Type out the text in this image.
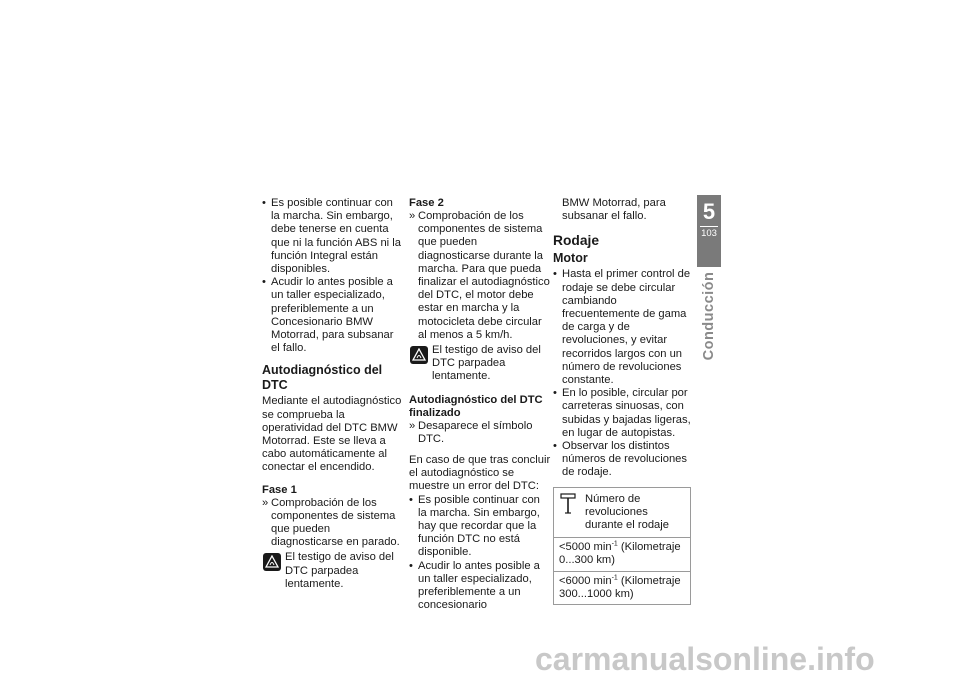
• Es posible continuar con la marcha. Sin embargo, debe tenerse en cuenta que ni la función ABS ni la función Integral están disponibles.
• Acudir lo antes posible a un taller especializado, preferiblemente a un Concesionario BMW Motorrad, para subsanar el fallo.
Autodiagnóstico del DTC

Mediante el autodiagnóstico se comprueba la operatividad del DTC BMW Motorrad. Este se lleva a cabo automáticamente al conectar el encendido.

Fase 1
» Comprobación de los componentes de sistema que pueden diagnosticarse en parado.
El testigo de aviso del DTC parpadea lentamente.
Fase 2
» Comprobación de los componentes de sistema que pueden diagnosticarse durante la marcha. Para que pueda finalizar el autodiagnóstico del DTC, el motor debe estar en marcha y la motocicleta debe circular al menos a 5 km/h.
El testigo de aviso del DTC parpadea lentamente.
Autodiagnóstico del DTC finalizado
» Desaparece el símbolo DTC.

En caso de que tras concluir el autodiagnóstico se muestre un error del DTC:

• Es posible continuar con la marcha. Sin embargo, hay que recordar que la función DTC no está disponible.
• Acudir lo antes posible a un taller especializado, preferiblemente a un concesionario

BMW Motorrad, para subsanar el fallo.

Rodaje
Motor
• Hasta el primer control de rodaje se debe circular cambiando frecuentemente de gama de carga y de revoluciones, y evitar recorridos largos con un número de revoluciones constante.
• En lo posible, circular por carreteras sinuosas, con subidas y bajadas ligeras, en lugar de autopistas.
• Observar los distintos números de revoluciones de rodaje.
Número de revoluciones durante el rodaje
<5000 $\min^{-1}$ (Kilometraje 0...300 km)
<6000 $\min^{-1}$ (Kilometraje 300...1000 km)
5
103
Conducción
carmanualsonline.info
